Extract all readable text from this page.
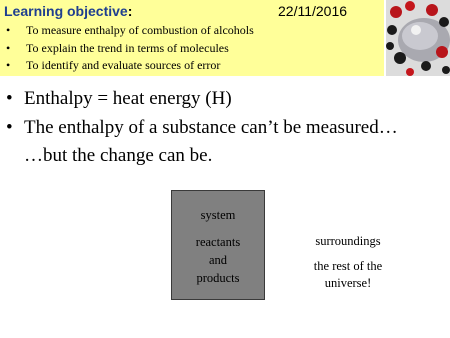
Learning objective:	22/11/2016
• To measure enthalpy of combustion of alcohols
• To explain the trend in terms of molecules
• To identify and evaluate sources of error
• Enthalpy = heat energy (H)
• The enthalpy of a substance can’t be measured…
…but the change can be.
system
reactants
and
products
surroundings
the rest of the
universe!
